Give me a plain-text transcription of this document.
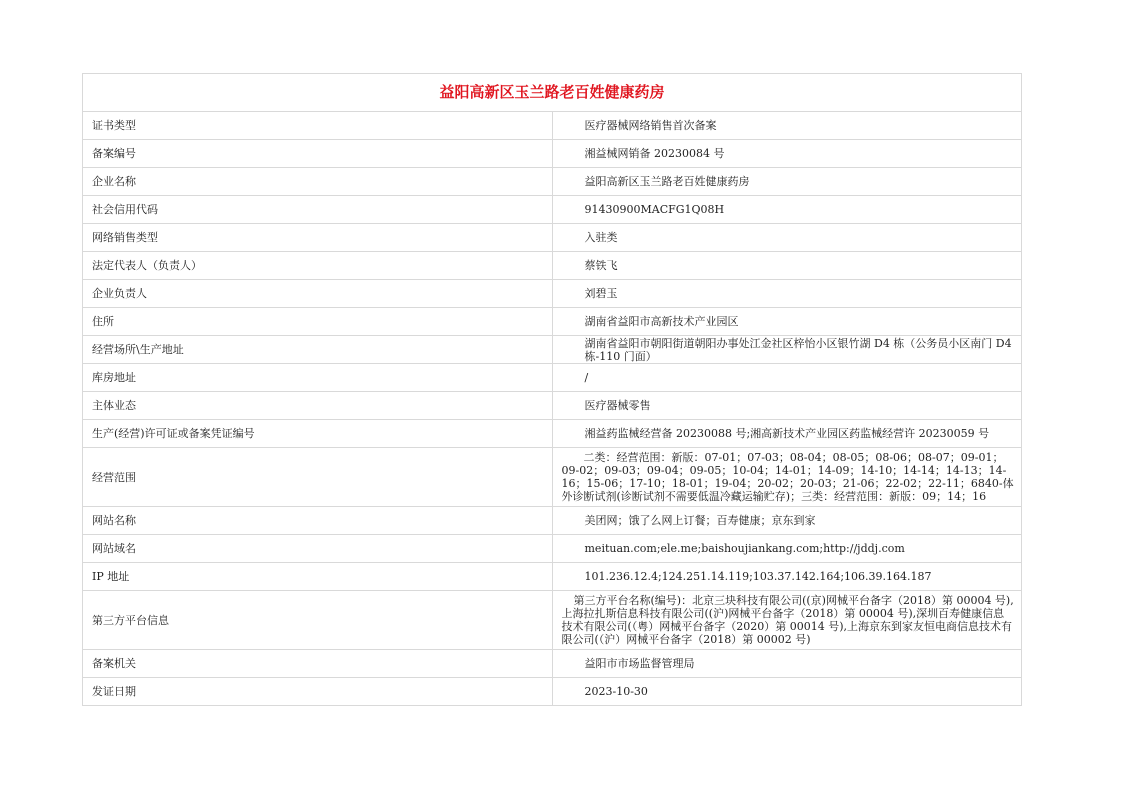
益阳高新区玉兰路老百姓健康药房	
证书类型	医疗器械网络销售首次备案
备案编号	湘益械网销备 20230084 号
企业名称	益阳高新区玉兰路老百姓健康药房
社会信用代码	91430900MACFG1Q08H
网络销售类型	入驻类
法定代表人（负责人）	蔡铁飞
企业负责人	刘碧玉
住所	湖南省益阳市高新技术产业园区
经营场所\生产地址	湖南省益阳市朝阳街道朝阳办事处江金社区梓怡小区银竹湖 D4 栋（公务员小区南门 D4 栋-110 门面）
库房地址	/
主体业态	医疗器械零售
生产(经营)许可证或备案凭证编号	湘益药监械经营备 20230088 号;湘高新技术产业园区药监械经营许 20230059 号
经营范围	二类：经营范围：新版：07-01；07-03；08-04；08-05；08-06；08-07；09-01；09-02；09-03；09-04；09-05；10-04；14-01；14-09；14-10；14-14；14-13；14-16；15-06；17-10；18-01；19-04；20-02；20-03；21-06；22-02；22-11；6840-体外诊断试剂(诊断试剂不需要低温冷藏运输贮存)；三类：经营范围：新版：09；14；16
网站名称	美团网；饿了么网上订餐；百寿健康；京东到家
网站域名	meituan.com;ele.me;baishoujiankang.com;http://jddj.com
IP 地址	101.236.12.4;124.251.14.119;103.37.142.164;106.39.164.187
第三方平台信息	第三方平台名称(编号)：北京三块科技有限公司((京)网械平台备字（2018）第 00004 号),上海拉扎斯信息科技有限公司((沪)网械平台备字（2018）第 00004 号),深圳百寿健康信息技术有限公司(（粤）网械平台备字（2020）第 00014 号),上海京东到家友恒电商信息技术有限公司(（沪）网械平台备字（2018）第 00002 号)
备案机关	益阳市市场监督管理局
发证日期	2023-10-30
